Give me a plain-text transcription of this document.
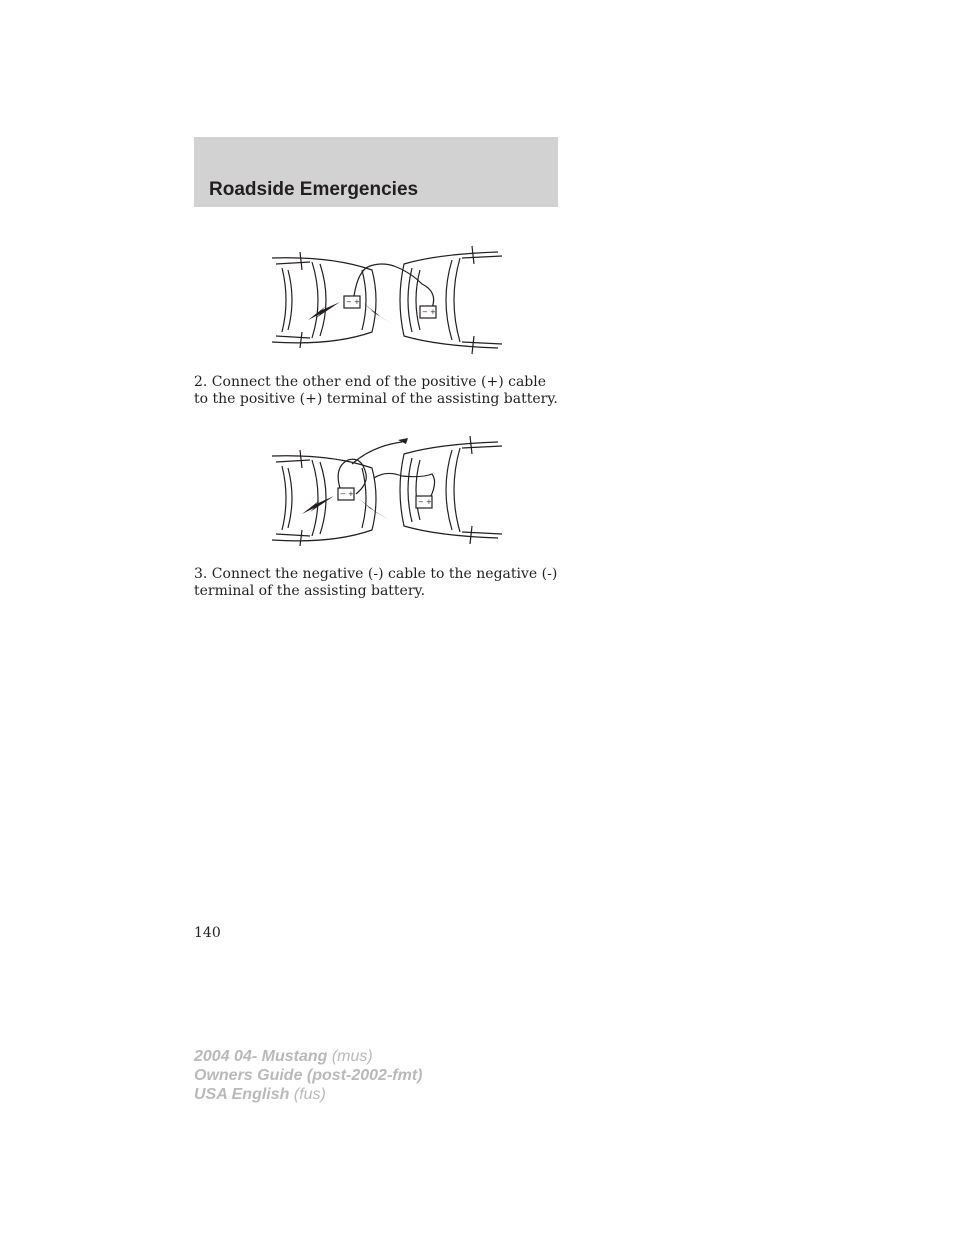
Roadside Emergencies
− +
− +

2. Connect the other end of the positive (+) cable to the positive (+) terminal of the assisting battery.

− +
− +

3. Connect the negative (-) cable to the negative (-) terminal of the assisting battery.

140
2004 04- Mustang (mus)
Owners Guide (post-2002-fmt)
USA English (fus)
